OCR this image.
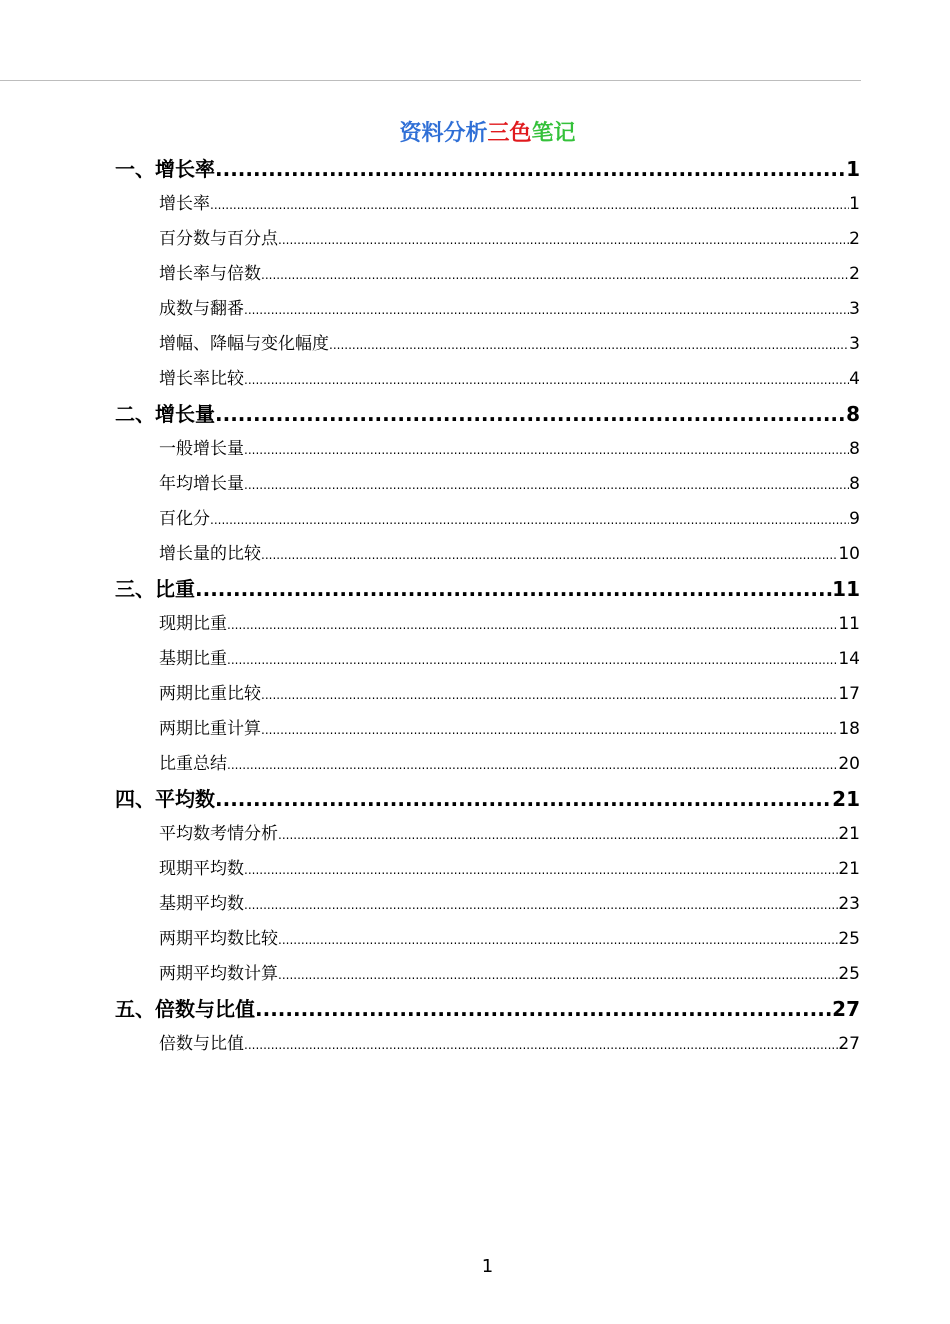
资料分析三色笔记
一、增长率 .....	1
增长率 .....	1
百分数与百分点 .....	2
增长率与倍数 .....	2
成数与翻番 .....	3
增幅、降幅与变化幅度 .....	3
增长率比较 .....	4
二、增长量 .....	8
一般增长量 .....	8
年均增长量 .....	8
百化分 .....	9
增长量的比较 .....	10
三、比重 .....	11
现期比重 .....	11
基期比重 .....	14
两期比重比较 .....	17
两期比重计算 .....	18
比重总结 .....	20
四、平均数 .....	21
平均数考情分析 .....	21
现期平均数 .....	21
基期平均数 .....	23
两期平均数比较 .....	25
两期平均数计算 .....	25
五、倍数与比值 .....	27
倍数与比值 .....	27
1
